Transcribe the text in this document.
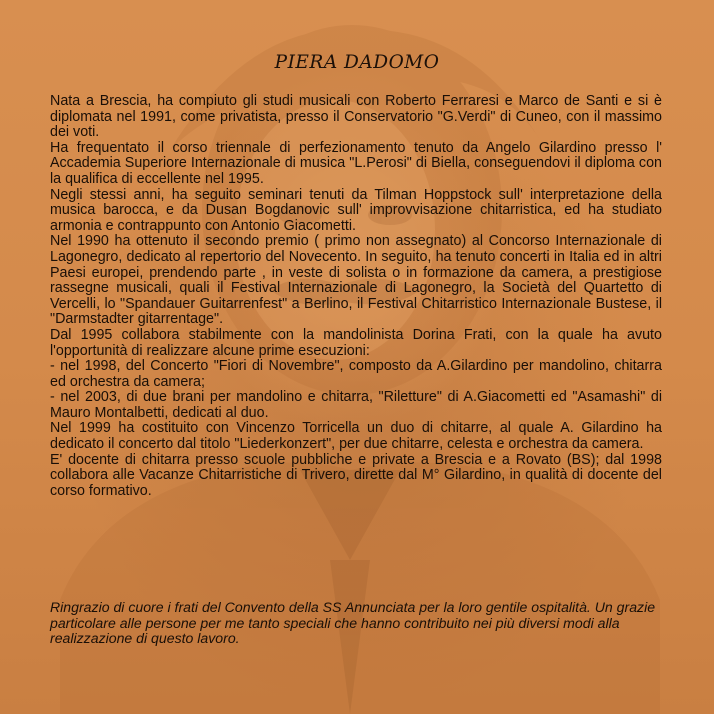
PIERA DADOMO

Nata a Brescia, ha compiuto gli studi musicali con Roberto Ferraresi e Marco de Santi e si è diplomata nel 1991, come privatista, presso il Conservatorio "G.Verdi" di Cuneo, con il massimo dei voti.

Ha frequentato il corso triennale di perfezionamento tenuto da Angelo Gilardino presso l' Accademia Superiore Internazionale di musica "L.Perosi" di Biella, conseguendovi il diploma con la qualifica di eccellente nel 1995.

Negli stessi anni, ha seguito seminari tenuti da Tilman Hoppstock sull' interpretazione della musica barocca, e da Dusan Bogdanovic sull' improvvisazione chitarristica, ed ha studiato armonia e contrappunto con Antonio Giacometti.

Nel 1990 ha ottenuto il secondo premio ( primo non assegnato) al Concorso Internazionale di Lagonegro, dedicato al repertorio del Novecento. In seguito, ha tenuto concerti in Italia ed in altri Paesi europei, prendendo parte , in veste di solista o in formazione da camera, a prestigiose rassegne musicali, quali il Festival Internazionale di Lagonegro, la Società del Quartetto di Vercelli, lo "Spandauer Guitarrenfest" a Berlino, il Festival Chitarristico Internazionale Bustese, il "Darmstadter gitarrentage".

Dal 1995 collabora stabilmente con la mandolinista Dorina Frati, con la quale ha avuto l'opportunità di realizzare alcune prime esecuzioni:

- nel 1998, del Concerto "Fiori di Novembre", composto da A.Gilardino per mandolino, chitarra ed orchestra da camera;

- nel 2003, di due brani per mandolino e chitarra, "Riletture" di A.Giacometti ed "Asamashi" di Mauro Montalbetti, dedicati al duo.

Nel 1999 ha costituito con Vincenzo Torricella un duo di chitarre, al quale A. Gilardino ha dedicato il concerto dal titolo "Liederkonzert", per due chitarre, celesta e orchestra da camera.

E' docente di chitarra presso scuole pubbliche e private a Brescia e a Rovato (BS); dal 1998 collabora alle Vacanze Chitarristiche di Trivero, dirette dal M° Gilardino, in qualità di docente del corso formativo.

Ringrazio di cuore i frati del Convento della SS Annunciata per la loro gentile ospitalità. Un grazie particolare alle persone per me tanto speciali che hanno contribuito nei più diversi modi alla realizzazione di questo lavoro.
